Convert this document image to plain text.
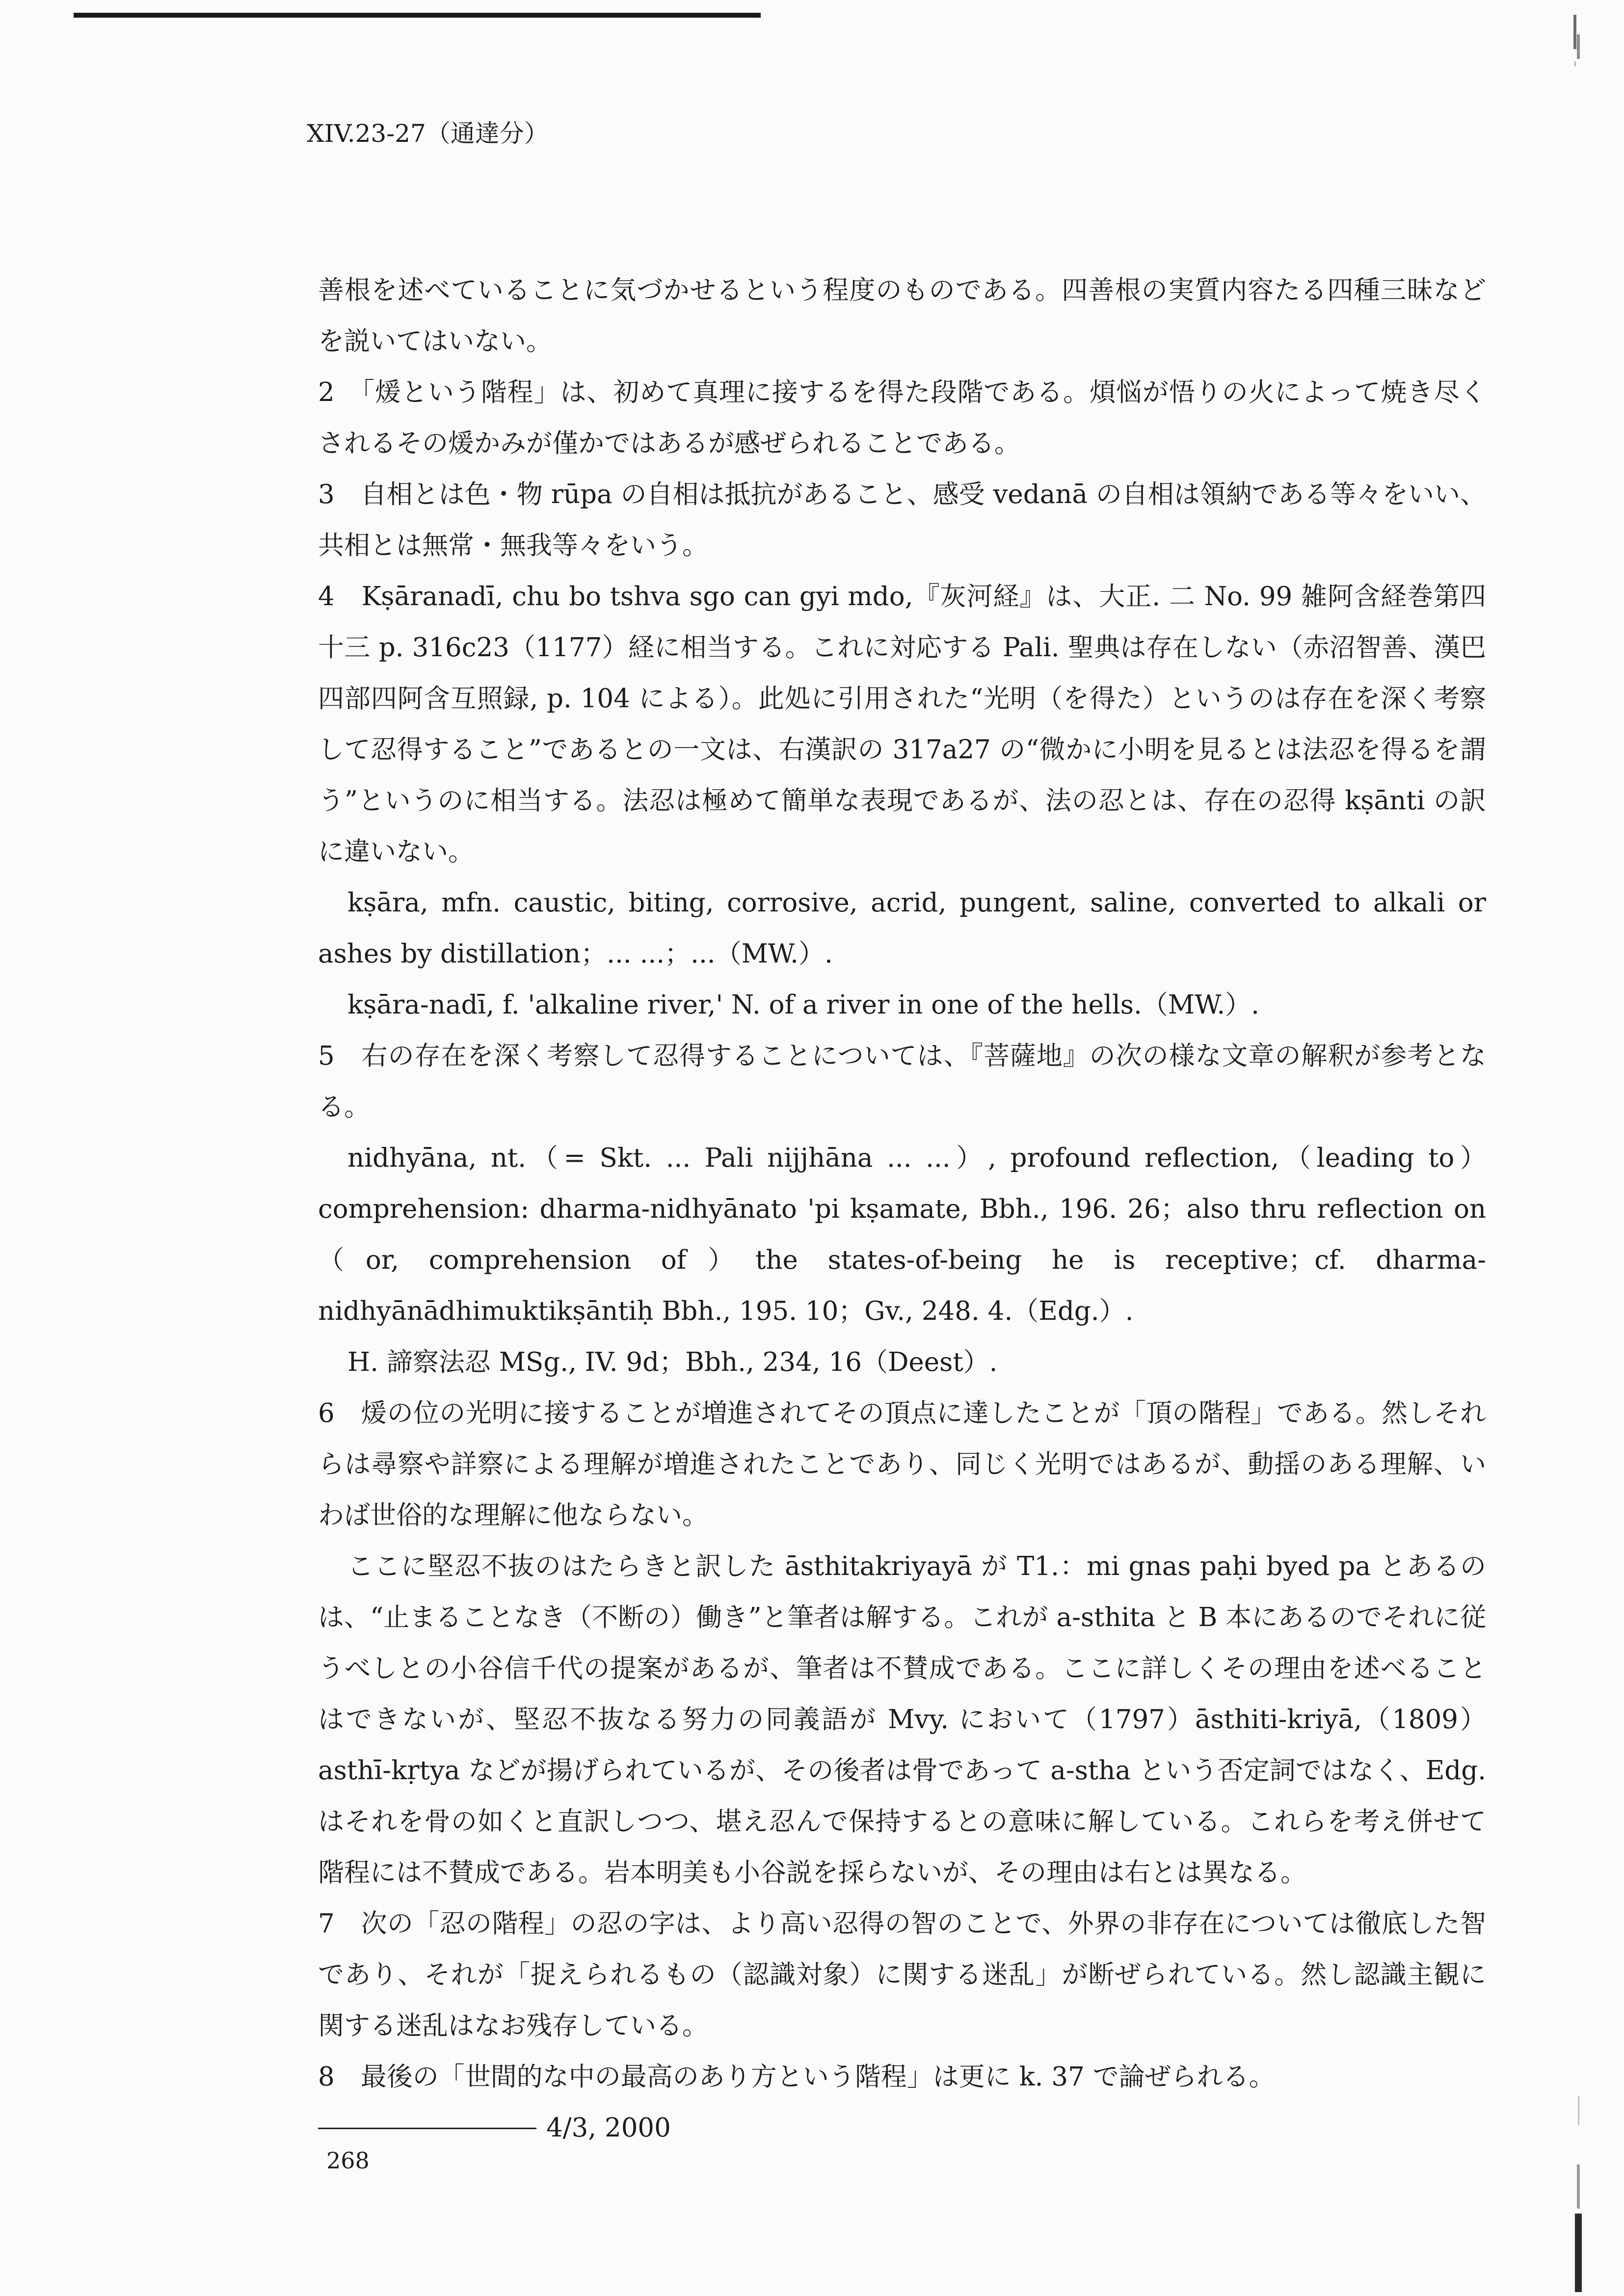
XIV.23-27（通達分）

善根を述べていることに気づかせるという程度のものである。四善根の実質内容たる四種三昧などを説いてはいない。

2　「煖という階程」は、初めて真理に接するを得た段階である。煩悩が悟りの火によって焼き尽くされるその煖かみが僅かではあるが感ぜられることである。

3　自相とは色・物 rūpa の自相は抵抗があること、感受 vedanā の自相は領納である等々をいい、共相とは無常・無我等々をいう。

4　Kṣāranadī, chu bo tshva sgo can gyi mdo,『灰河経』は、大正. 二 No. 99 雑阿含経巻第四十三 p. 316c23（1177）経に相当する。これに対応する Pali. 聖典は存在しない（赤沼智善、漢巴四部四阿含互照録, p. 104 による）。此処に引用された“光明（を得た）というのは存在を深く考察して忍得すること”であるとの一文は、右漢訳の 317a27 の“微かに小明を見るとは法忍を得るを謂う”というのに相当する。法忍は極めて簡単な表現であるが、法の忍とは、存在の忍得 kṣānti の訳に違いない。

kṣāra, mfn. caustic, biting, corrosive, acrid, pungent, saline, converted to alkali or ashes by distillation；... ...；...（MW.）.

kṣāra-nadī, f. 'alkaline river,' N. of a river in one of the hells.（MW.）.

5　右の存在を深く考察して忍得することについては、『菩薩地』の次の様な文章の解釈が参考となる。

nidhyāna, nt.（= Skt. ... Pali nijjhāna ... ...）, profound reflection,（leading to）comprehension: dharma-nidhyānato 'pi kṣamate, Bbh., 196. 26；also thru reflection on（or, comprehension of）the states-of-being he is receptive；cf. dharma-nidhyānādhimuktikṣāntiḥ Bbh., 195. 10；Gv., 248. 4.（Edg.）.

H. 諦察法忍 MSg., IV. 9d；Bbh., 234, 16（Deest）.

6　煖の位の光明に接することが増進されてその頂点に達したことが「頂の階程」である。然しそれらは尋察や詳察による理解が増進されたことであり、同じく光明ではあるが、動揺のある理解、いわば世俗的な理解に他ならない。

ここに堅忍不抜のはたらきと訳した āsthitakriyayā が T1.：mi gnas paḥi byed pa とあるのは、“止まることなき（不断の）働き”と筆者は解する。これが a-sthita と B 本にあるのでそれに従うべしとの小谷信千代の提案があるが、筆者は不賛成である。ここに詳しくその理由を述べることはできないが、堅忍不抜なる努力の同義語が Mvy. において（1797）āsthiti-kriyā,（1809）asthī-kṛtya などが揚げられているが、その後者は骨であって a-stha という否定詞ではなく、Edg. はそれを骨の如くと直訳しつつ、堪え忍んで保持するとの意味に解している。これらを考え併せて階程には不賛成である。岩本明美も小谷説を採らないが、その理由は右とは異なる。

7　次の「忍の階程」の忍の字は、より高い忍得の智のことで、外界の非存在については徹底した智であり、それが「捉えられるもの（認識対象）に関する迷乱」が断ぜられている。然し認識主観に関する迷乱はなお残存している。

8　最後の「世間的な中の最高のあり方という階程」は更に k. 37 で論ぜられる。

4/3, 2000
268
